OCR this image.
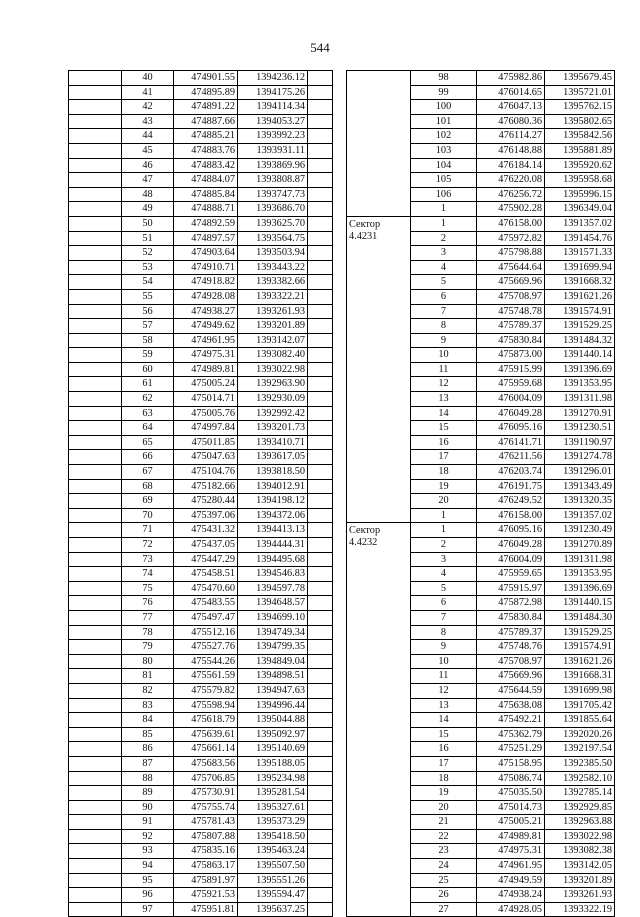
544
	40	474901.55	1394236.12	
	41	474895.89	1394175.26	
	42	474891.22	1394114.34	
	43	474887.66	1394053.27	
	44	474885.21	1393992.23	
	45	474883.76	1393931.11	
	46	474883.42	1393869.96	
	47	474884.07	1393808.87	
	48	474885.84	1393747.73	
	49	474888.71	1393686.70	
	50	474892.59	1393625.70	
	51	474897.57	1393564.75	
	52	474903.64	1393503.94	
	53	474910.71	1393443.22	
	54	474918.82	1393382.66	
	55	474928.08	1393322.21	
	56	474938.27	1393261.93	
	57	474949.62	1393201.89	
	58	474961.95	1393142.07	
	59	474975.31	1393082.40	
	60	474989.81	1393022.98	
	61	475005.24	1392963.90	
	62	475014.71	1392930.09	
	63	475005.76	1392992.42	
	64	474997.84	1393201.73	
	65	475011.85	1393410.71	
	66	475047.63	1393617.05	
	67	475104.76	1393818.50	
	68	475182.66	1394012.91	
	69	475280.44	1394198.12	
	70	475397.06	1394372.06	
	71	475431.32	1394413.13	
	72	475437.05	1394444.31	
	73	475447.29	1394495.68	
	74	475458.51	1394546.83	
	75	475470.60	1394597.78	
	76	475483.55	1394648.57	
	77	475497.47	1394699.10	
	78	475512.16	1394749.34	
	79	475527.76	1394799.35	
	80	475544.26	1394849.04	
	81	475561.59	1394898.51	
	82	475579.82	1394947.63	
	83	475598.94	1394996.44	
	84	475618.79	1395044.88	
	85	475639.61	1395092.97	
	86	475661.14	1395140.69	
	87	475683.56	1395188.05	
	88	475706.85	1395234.98	
	89	475730.91	1395281.54	
	90	475755.74	1395327.61	
	91	475781.43	1395373.29	
	92	475807.88	1395418.50	
	93	475835.16	1395463.24	
	94	475863.17	1395507.50	
	95	475891.97	1395551.26	
	96	475921.53	1395594.47	
	97	475951.81	1395637.25	
	98	475982.86	1395679.45
	99	476014.65	1395721.01
	100	476047.13	1395762.15
	101	476080.36	1395802.65
	102	476114.27	1395842.56
	103	476148.88	1395881.89
	104	476184.14	1395920.62
	105	476220.08	1395958.68
	106	476256.72	1395996.15
	1	475902.28	1396349.04

Сектор
4.4231	1	476158.00	1391357.02
	2	475972.82	1391454.76
	3	475798.88	1391571.33
	4	475644.64	1391699.94
	5	475669.96	1391668.32
	6	475708.97	1391621.26
	7	475748.78	1391574.91
	8	475789.37	1391529.25
	9	475830.84	1391484.32
	10	475873.00	1391440.14
	11	475915.99	1391396.69
	12	475959.68	1391353.95
	13	476004.09	1391311.98
	14	476049.28	1391270.91
	15	476095.16	1391230.51
	16	476141.71	1391190.97
	17	476211.56	1391274.78
	18	476203.74	1391296.01
	19	476191.75	1391343.49
	20	476249.52	1391320.35
	1	476158.00	1391357.02

Сектор
4.4232	1	476095.16	1391230.49
	2	476049.28	1391270.89
	3	476004.09	1391311.98
	4	475959.65	1391353.95
	5	475915.97	1391396.69
	6	475872.98	1391440.15
	7	475830.84	1391484.30
	8	475789.37	1391529.25
	9	475748.76	1391574.91
	10	475708.97	1391621.26
	11	475669.96	1391668.31
	12	475644.59	1391699.98
	13	475638.08	1391705.42
	14	475492.21	1391855.64
	15	475362.79	1392020.26
	16	475251.29	1392197.54
	17	475158.95	1392385.50
	18	475086.74	1392582.10
	19	475035.50	1392785.14
	20	475014.73	1392929.85
	21	475005.21	1392963.88
	22	474989.81	1393022.98
	23	474975.31	1393082.38
	24	474961.95	1393142.05
	25	474949.59	1393201.89
	26	474938.24	1393261.93
	27	474928.05	1393322.19
